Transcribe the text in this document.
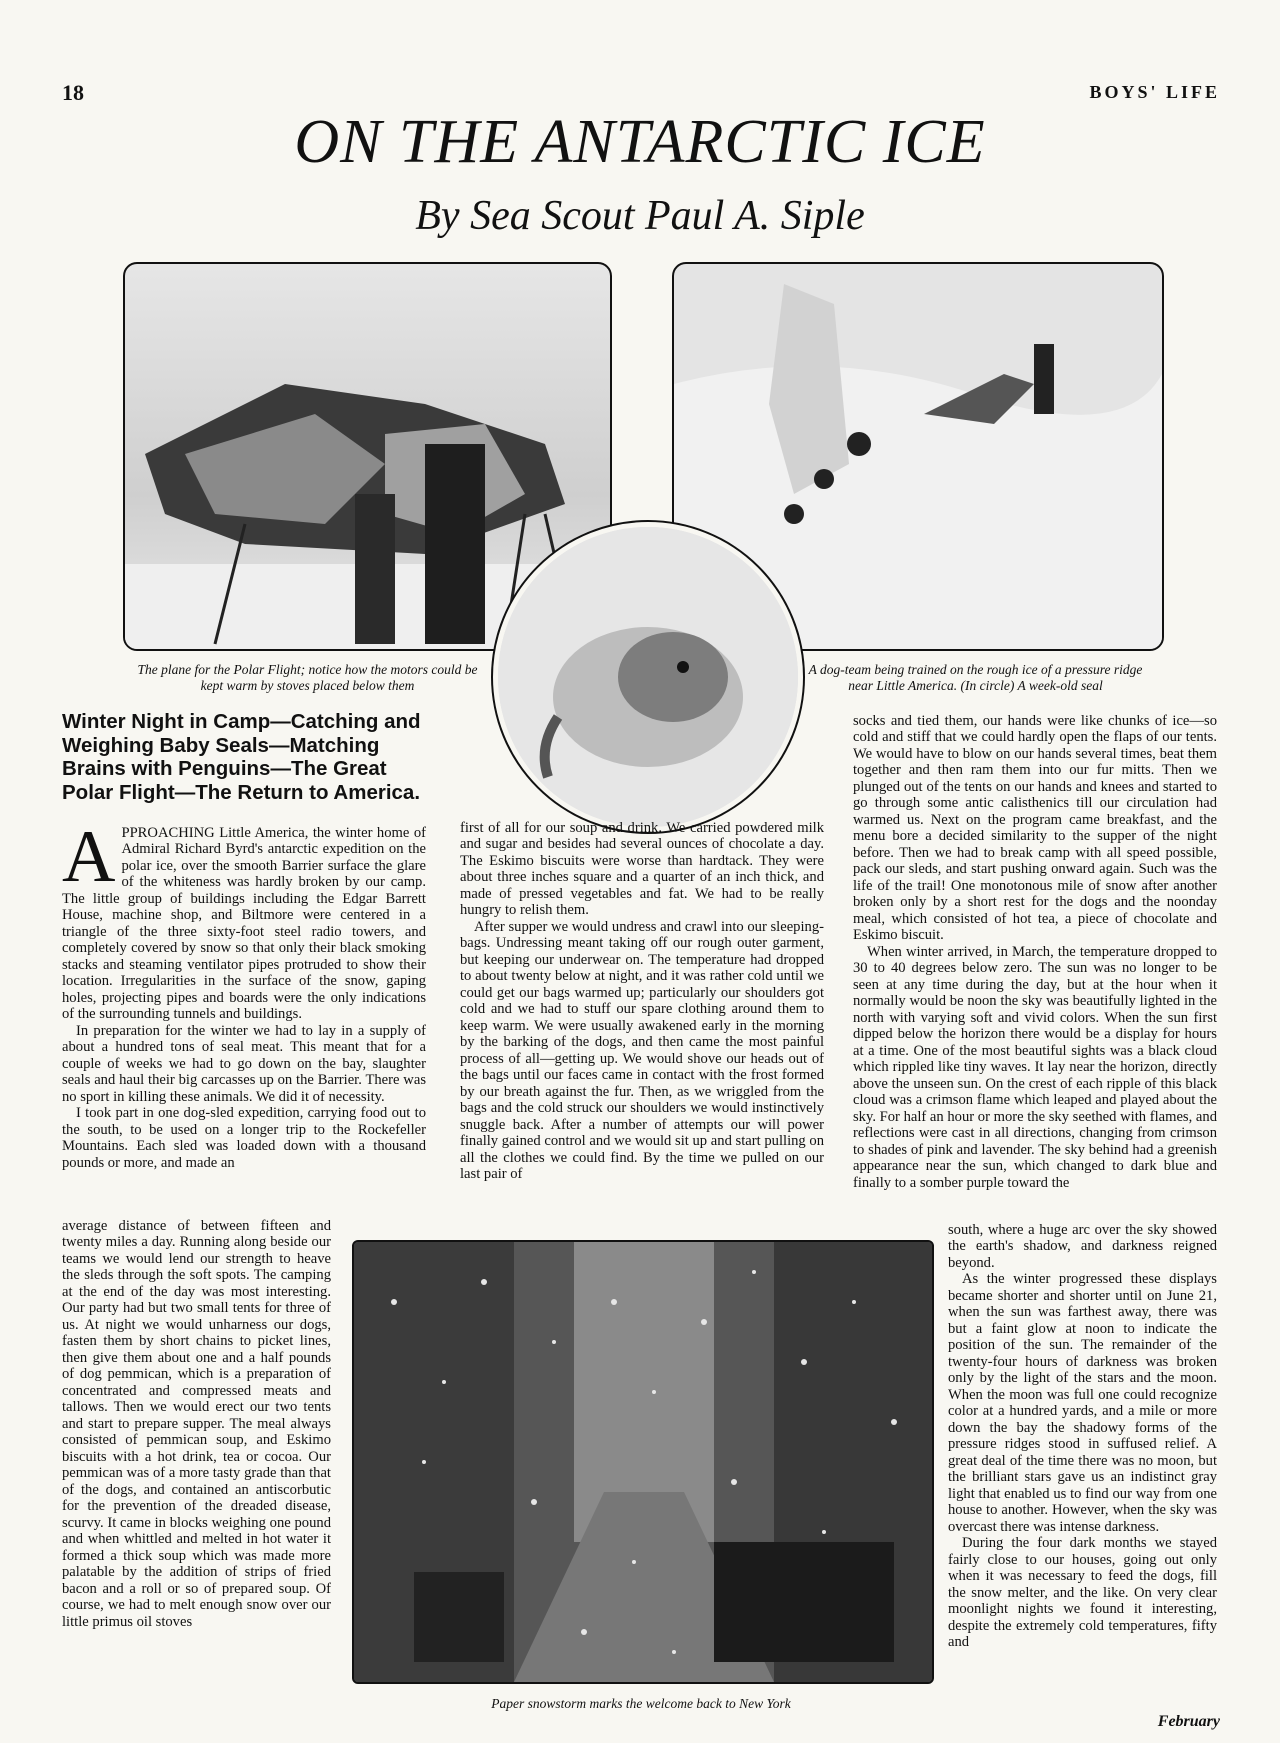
18	BOYS' LIFE
ON THE ANTARCTIC ICE
By Sea Scout Paul A. Siple
The plane for the Polar Flight; notice how the motors could be kept warm by stoves placed below them
A dog-team being trained on the rough ice of a pressure ridge near Little America. (In circle) A week-old seal
Winter Night in Camp—Catching and Weighing Baby Seals—Matching Brains with Penguins—The Great Polar Flight—The Return to America.

APPROACHING Little America, the winter home of Admiral Richard Byrd's antarctic expedition on the polar ice, over the smooth Barrier surface the glare of the whiteness was hardly broken by our camp. The little group of buildings including the Edgar Barrett House, machine shop, and Biltmore were centered in a triangle of the three sixty-foot steel radio towers, and completely covered by snow so that only their black smoking stacks and steaming ventilator pipes protruded to show their location. Irregularities in the surface of the snow, gaping holes, projecting pipes and boards were the only indications of the surrounding tunnels and buildings.

In preparation for the winter we had to lay in a supply of about a hundred tons of seal meat. This meant that for a couple of weeks we had to go down on the bay, slaughter seals and haul their big carcasses up on the Barrier. There was no sport in killing these animals. We did it of necessity.

I took part in one dog-sled expedition, carrying food out to the south, to be used on a longer trip to the Rockefeller Mountains. Each sled was loaded down with a thousand pounds or more, and made an

average distance of between fifteen and twenty miles a day. Running along beside our teams we would lend our strength to heave the sleds through the soft spots. The camping at the end of the day was most interesting. Our party had but two small tents for three of us. At night we would unharness our dogs, fasten them by short chains to picket lines, then give them about one and a half pounds of dog pemmican, which is a preparation of concentrated and compressed meats and tallows. Then we would erect our two tents and start to prepare supper. The meal always consisted of pemmican soup, and Eskimo biscuits with a hot drink, tea or cocoa. Our pemmican was of a more tasty grade than that of the dogs, and contained an antiscorbutic for the prevention of the dreaded disease, scurvy. It came in blocks weighing one pound and when whittled and melted in hot water it formed a thick soup which was made more palatable by the addition of strips of fried bacon and a roll or so of prepared soup. Of course, we had to melt enough snow over our little primus oil stoves

first of all for our soup and drink. We carried powdered milk and sugar and besides had several ounces of chocolate a day. The Eskimo biscuits were worse than hardtack. They were about three inches square and a quarter of an inch thick, and made of pressed vegetables and fat. We had to be really hungry to relish them.

After supper we would undress and crawl into our sleeping-bags. Undressing meant taking off our rough outer garment, but keeping our underwear on. The temperature had dropped to about twenty below at night, and it was rather cold until we could get our bags warmed up; particularly our shoulders got cold and we had to stuff our spare clothing around them to keep warm. We were usually awakened early in the morning by the barking of the dogs, and then came the most painful process of all—getting up. We would shove our heads out of the bags until our faces came in contact with the frost formed by our breath against the fur. Then, as we wriggled from the bags and the cold struck our shoulders we would instinctively snuggle back. After a number of attempts our will power finally gained control and we would sit up and start pulling on all the clothes we could find. By the time we pulled on our last pair of

socks and tied them, our hands were like chunks of ice—so cold and stiff that we could hardly open the flaps of our tents. We would have to blow on our hands several times, beat them together and then ram them into our fur mitts. Then we plunged out of the tents on our hands and knees and started to go through some antic calisthenics till our circulation had warmed us. Next on the program came breakfast, and the menu bore a decided similarity to the supper of the night before. Then we had to break camp with all speed possible, pack our sleds, and start pushing onward again. Such was the life of the trail! One monotonous mile of snow after another broken only by a short rest for the dogs and the noonday meal, which consisted of hot tea, a piece of chocolate and Eskimo biscuit.

When winter arrived, in March, the temperature dropped to 30 to 40 degrees below zero. The sun was no longer to be seen at any time during the day, but at the hour when it normally would be noon the sky was beautifully lighted in the north with varying soft and vivid colors. When the sun first dipped below the horizon there would be a display for hours at a time. One of the most beautiful sights was a black cloud which rippled like tiny waves. It lay near the horizon, directly above the unseen sun. On the crest of each ripple of this black cloud was a crimson flame which leaped and played about the sky. For half an hour or more the sky seethed with flames, and reflections were cast in all directions, changing from crimson to shades of pink and lavender. The sky behind had a greenish appearance near the sun, which changed to dark blue and finally to a somber purple toward the

south, where a huge arc over the sky showed the earth's shadow, and darkness reigned beyond.

As the winter progressed these displays became shorter and shorter until on June 21, when the sun was farthest away, there was but a faint glow at noon to indicate the position of the sun. The remainder of the twenty-four hours of darkness was broken only by the light of the stars and the moon. When the moon was full one could recognize color at a hundred yards, and a mile or more down the bay the shadowy forms of the pressure ridges stood in suffused relief. A great deal of the time there was no moon, but the brilliant stars gave us an indistinct gray light that enabled us to find our way from one house to another. However, when the sky was overcast there was intense darkness.

During the four dark months we stayed fairly close to our houses, going out only when it was necessary to feed the dogs, fill the snow melter, and the like. On very clear moonlight nights we found it interesting, despite the extremely cold temperatures, fifty and

Paper snowstorm marks the welcome back to New York
February
